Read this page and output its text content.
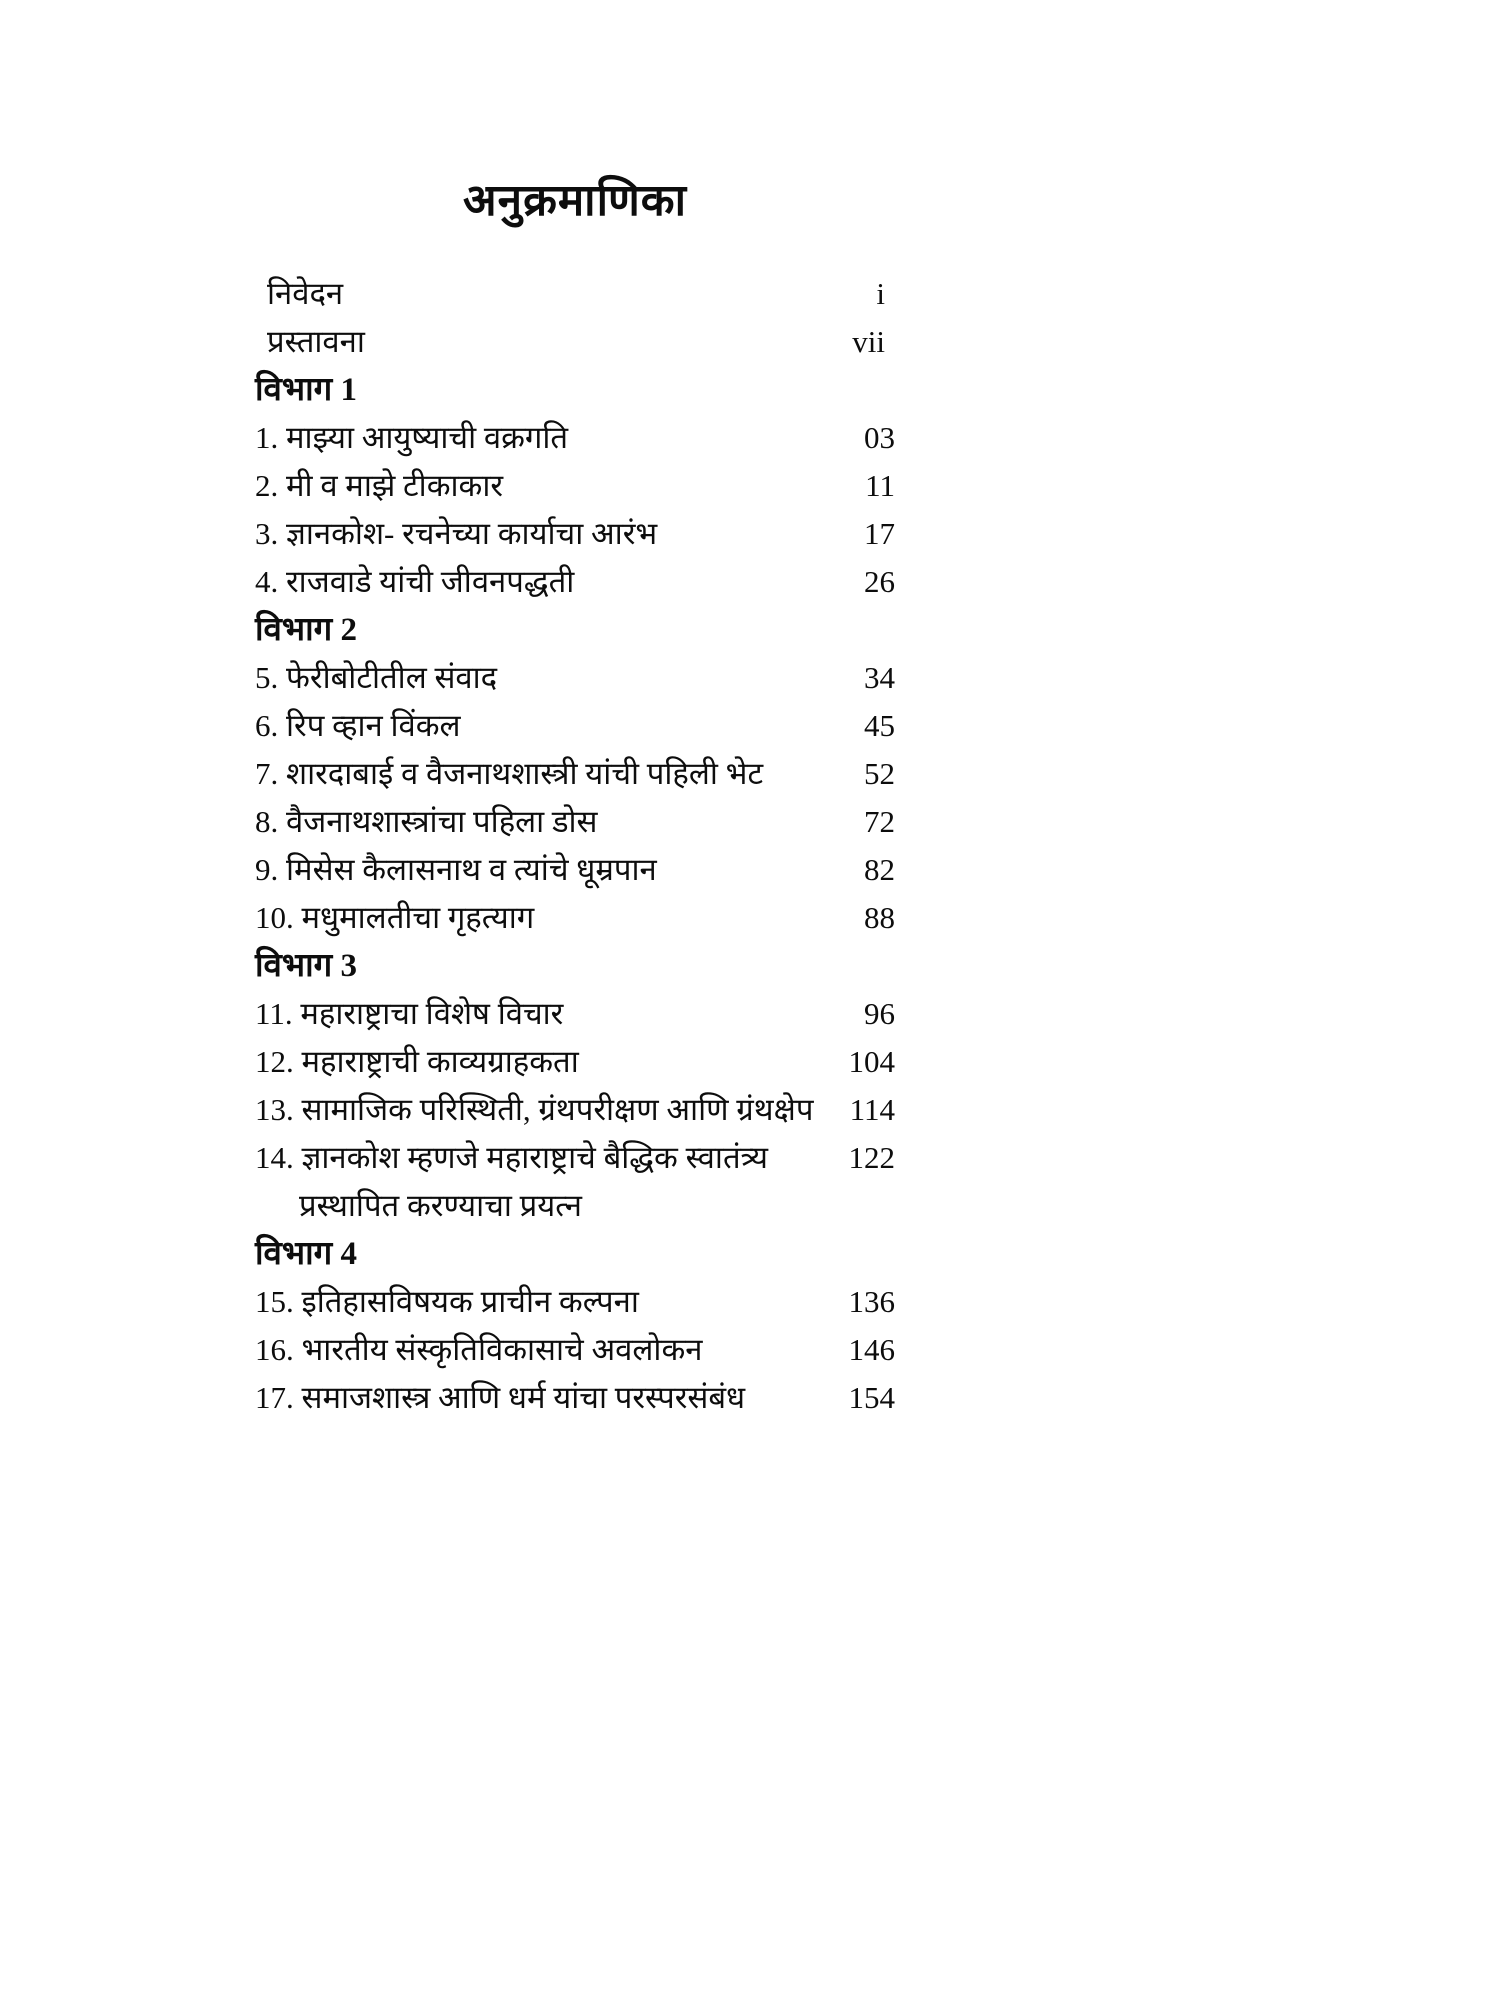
अनुक्रमाणिका
निवेदन	i
प्रस्तावना	vii
विभाग 1
1. माझ्या आयुष्याची वक्रगति	03
2. मी व माझे टीकाकार	11
3. ज्ञानकोश- रचनेच्या कार्याचा आरंभ	17
4. राजवाडे यांची जीवनपद्धती	26
विभाग 2
5. फेरीबोटीतील संवाद	34
6. रिप व्हान विंकल	45
7. शारदाबाई व वैजनाथशास्त्री यांची पहिली भेट	52
8. वैजनाथशास्त्रांचा पहिला डोस	72
9. मिसेस कैलासनाथ व त्यांचे धूम्रपान	82
10. मधुमालतीचा गृहत्याग	88
विभाग 3
11. महाराष्ट्राचा विशेष विचार	96
12. महाराष्ट्राची काव्यग्राहकता	104
13. सामाजिक परिस्थिती, ग्रंथपरीक्षण आणि ग्रंथक्षेप	114
14. ज्ञानकोश म्हणजे महाराष्ट्राचे बैद्धिक स्वातंत्र्य	122
प्रस्थापित करण्याचा प्रयत्न
विभाग 4
15. इतिहासविषयक प्राचीन कल्पना	136
16. भारतीय संस्कृतिविकासाचे अवलोकन	146
17. समाजशास्त्र आणि धर्म यांचा परस्परसंबंध	154
